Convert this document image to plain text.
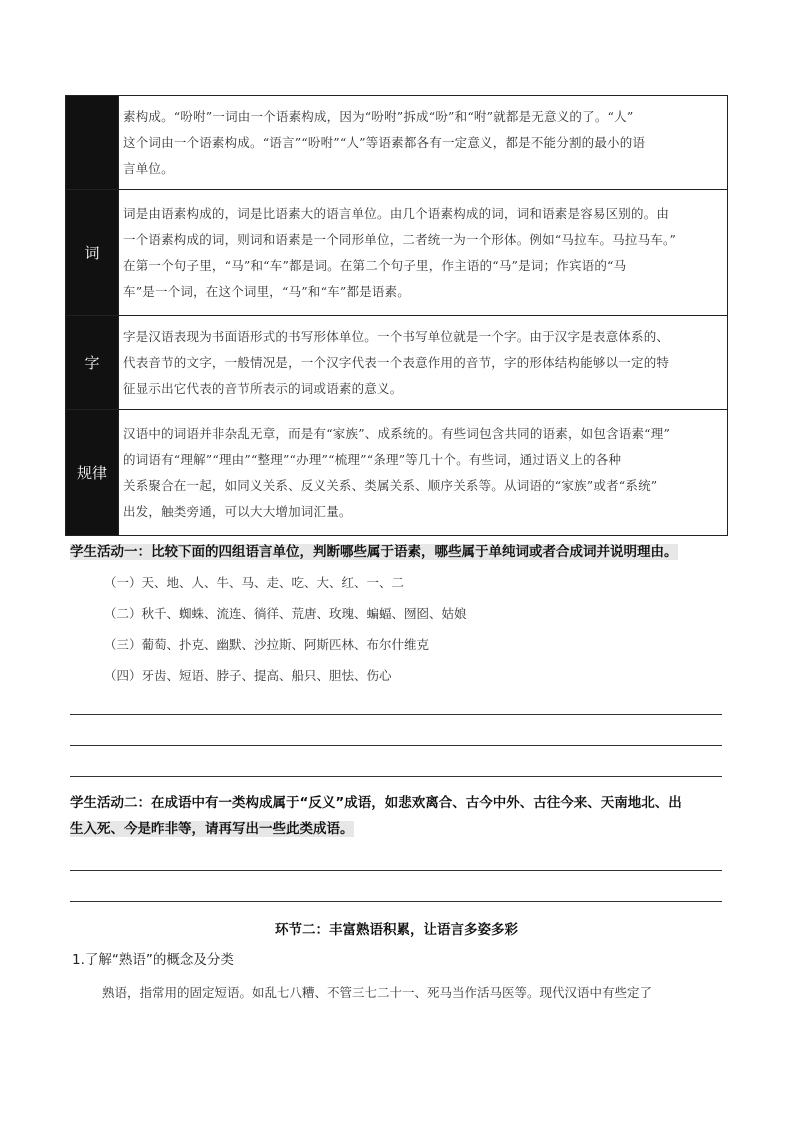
	素构成。“吩咐”一词由一个语素构成，因为“吩咐”拆成“吩”和“咐”就都是无意义的了。“人”
这个词由一个语素构成。“语言”“吩咐”“人”等语素都各有一定意义，都是不能分割的最小的语
言单位。

词	词是由语素构成的，词是比语素大的语言单位。由几个语素构成的词，词和语素是容易区别的。由
一个语素构成的词，则词和语素是一个同形单位，二者统一为一个形体。例如“马拉车。马拉马车。”
在第一个句子里，“马”和“车”都是词。在第二个句子里，作主语的“马”是词；作宾语的“马
车”是一个词，在这个词里，“马”和“车”都是语素。

字	字是汉语表现为书面语形式的书写形体单位。一个书写单位就是一个字。由于汉字是表意体系的、
代表音节的文字，一般情况是，一个汉字代表一个表意作用的音节，字的形体结构能够以一定的特
征显示出它代表的音节所表示的词或语素的意义。

规律	汉语中的词语并非杂乱无章，而是有“家族”、成系统的。有些词包含共同的语素，如包含语素“理”
的词语有“理解”“理由”“整理”“办理”“梳理”“条理”等几十个。有些词，通过语义上的各种
关系聚合在一起，如同义关系、反义关系、类属关系、顺序关系等。从词语的“家族”或者“系统”
出发，触类旁通，可以大大增加词汇量。
学生活动一：比较下面的四组语言单位，判断哪些属于语素，哪些属于单纯词或者合成词并说明理由。
（一）天、地、人、牛、马、走、吃、大、红、一、二
（二）秋千、蜘蛛、流连、徜徉、荒唐、玫瑰、蝙蝠、囫囵、姑娘
（三）葡萄、扑克、幽默、沙拉斯、阿斯匹林、布尔什维克
（四）牙齿、短语、脖子、提高、船只、胆怯、伤心
学生活动二：在成语中有一类构成属于“反义”成语，如悲欢离合、古今中外、古往今来、天南地北、出
生入死、今是昨非等，请再写出一些此类成语。
环节二：丰富熟语积累，让语言多姿多彩
1.了解“熟语”的概念及分类
熟语，指常用的固定短语。如乱七八糟、不管三七二十一、死马当作活马医等。现代汉语中有些定了
